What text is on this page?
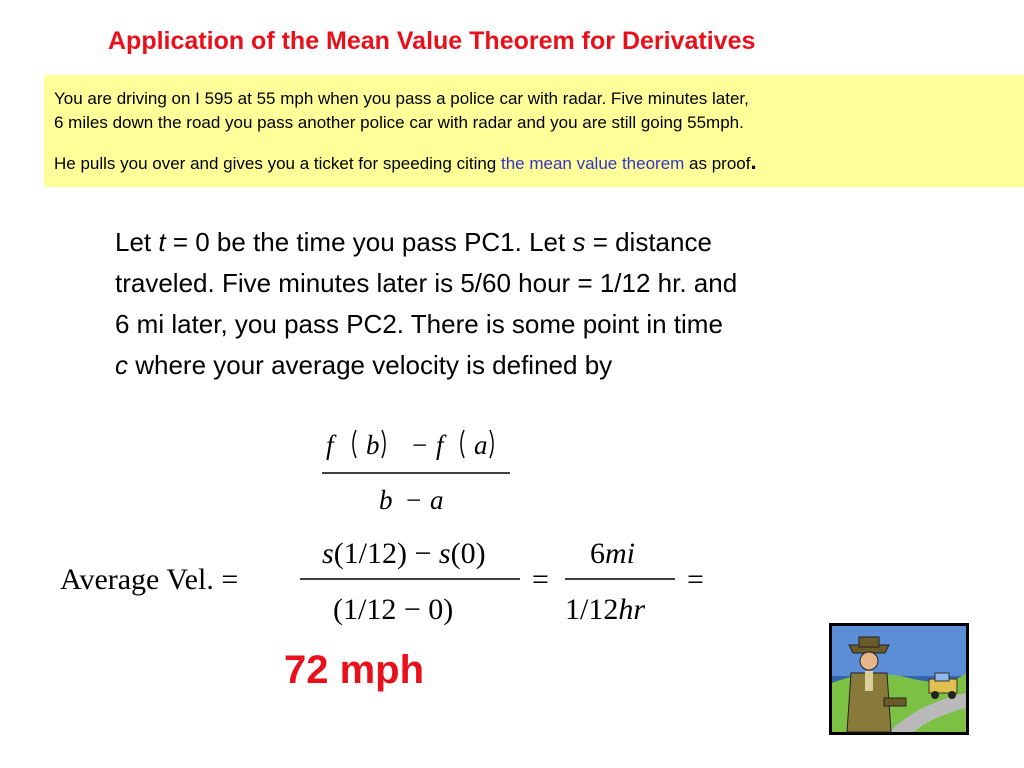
Application of the Mean Value Theorem for Derivatives

You are driving on I 595 at 55 mph when you pass a police car with radar. Five minutes later,

6 miles down the road you pass another police car with radar and you are still going 55mph.

He pulls you over and gives you a ticket for speeding citing the mean value theorem as proof.

Let t = 0 be the time you pass PC1. Let s = distance
traveled. Five minutes later is 5/60 hour = 1/12 hr. and
6 mi later, you pass PC2. There is some point in time
c where your average velocity is defined by
f b f a
b a
−
−
Average Vel. =
s(1/12) − s(0)
(1/12 − 0)
=
6mi
1/12hr
=
72 mph
